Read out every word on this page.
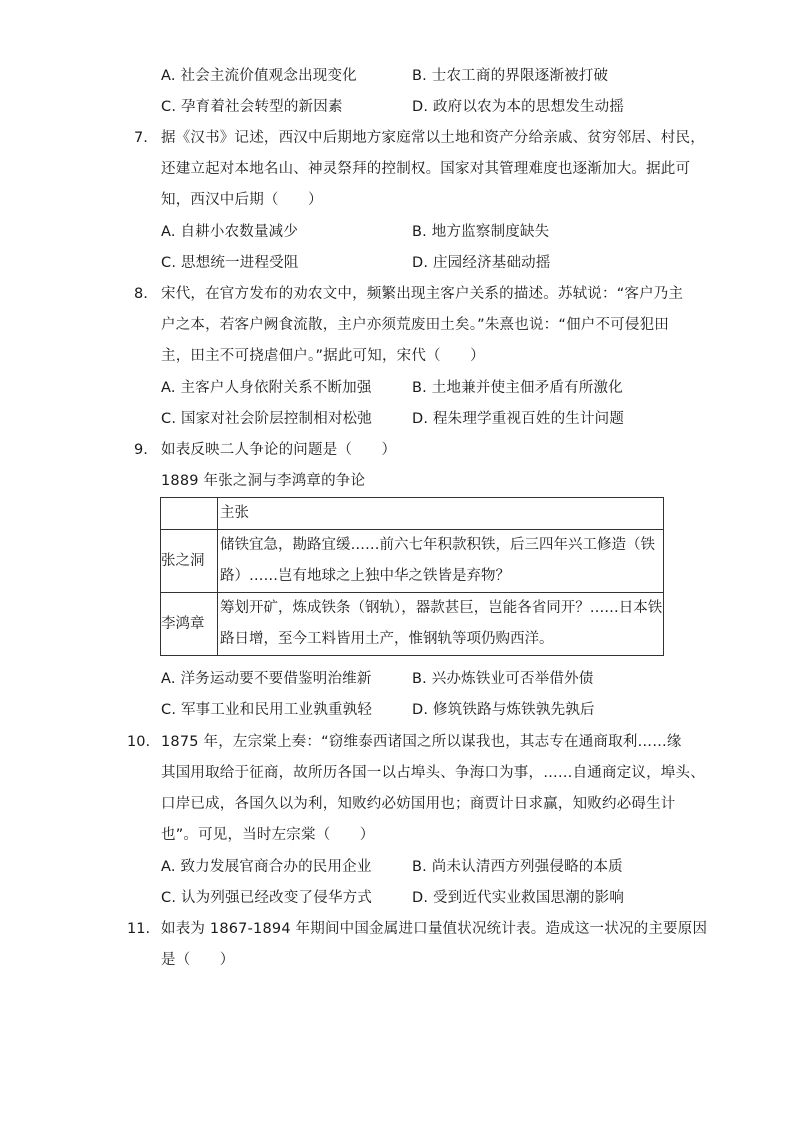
A. 社会主流价值观念出现变化	B. 士农工商的界限逐渐被打破
C. 孕育着社会转型的新因素	D. 政府以农为本的思想发生动摇
7. 据《汉书》记述，西汉中后期地方家庭常以土地和资产分给亲戚、贫穷邻居、村民，
还建立起对本地名山、神灵祭拜的控制权。国家对其管理难度也逐渐加大。据此可
知，西汉中后期（　　）
A. 自耕小农数量减少	B. 地方监察制度缺失
C. 思想统一进程受阻	D. 庄园经济基础动摇
8. 宋代，在官方发布的劝农文中，频繁出现主客户关系的描述。苏轼说：“客户乃主
户之本，若客户阙食流散，主户亦须荒废田土矣。”朱熹也说：“佃户不可侵犯田
主，田主不可挠虐佃户。”据此可知，宋代（　　）
A. 主客户人身依附关系不断加强	B. 土地兼并使主佃矛盾有所激化
C. 国家对社会阶层控制相对松弛	D. 程朱理学重视百姓的生计问题
9. 如表反映二人争论的问题是（　　）
1889 年张之洞与李鸿章的争论
	主张
张之洞	储铁宜急，勘路宜缓……前六七年积款积铁，后三四年兴工修造（铁
路）……岂有地球之上独中华之铁皆是弃物？

李鸿章	筹划开矿，炼成铁条（钢轨），器款甚巨，岂能各省同开？……日本铁
路日增，至今工料皆用土产，惟钢轨等项仍购西洋。
A. 洋务运动要不要借鉴明治维新	B. 兴办炼铁业可否举借外债
C. 军事工业和民用工业孰重孰轻	D. 修筑铁路与炼铁孰先孰后
10. 1875 年，左宗棠上奏：“窃维泰西诸国之所以谋我也，其志专在通商取利……缘
其国用取给于征商，故所历各国一以占埠头、争海口为事，……自通商定议，埠头、
口岸已成，各国久以为利，知败约必妨国用也；商贾计日求赢，知败约必碍生计
也”。可见，当时左宗棠（　　）
A. 致力发展官商合办的民用企业	B. 尚未认清西方列强侵略的本质
C. 认为列强已经改变了侵华方式	D. 受到近代实业救国思潮的影响
11. 如表为 1867-1894 年期间中国金属进口量值状况统计表。造成这一状况的主要原因
是（　　）
